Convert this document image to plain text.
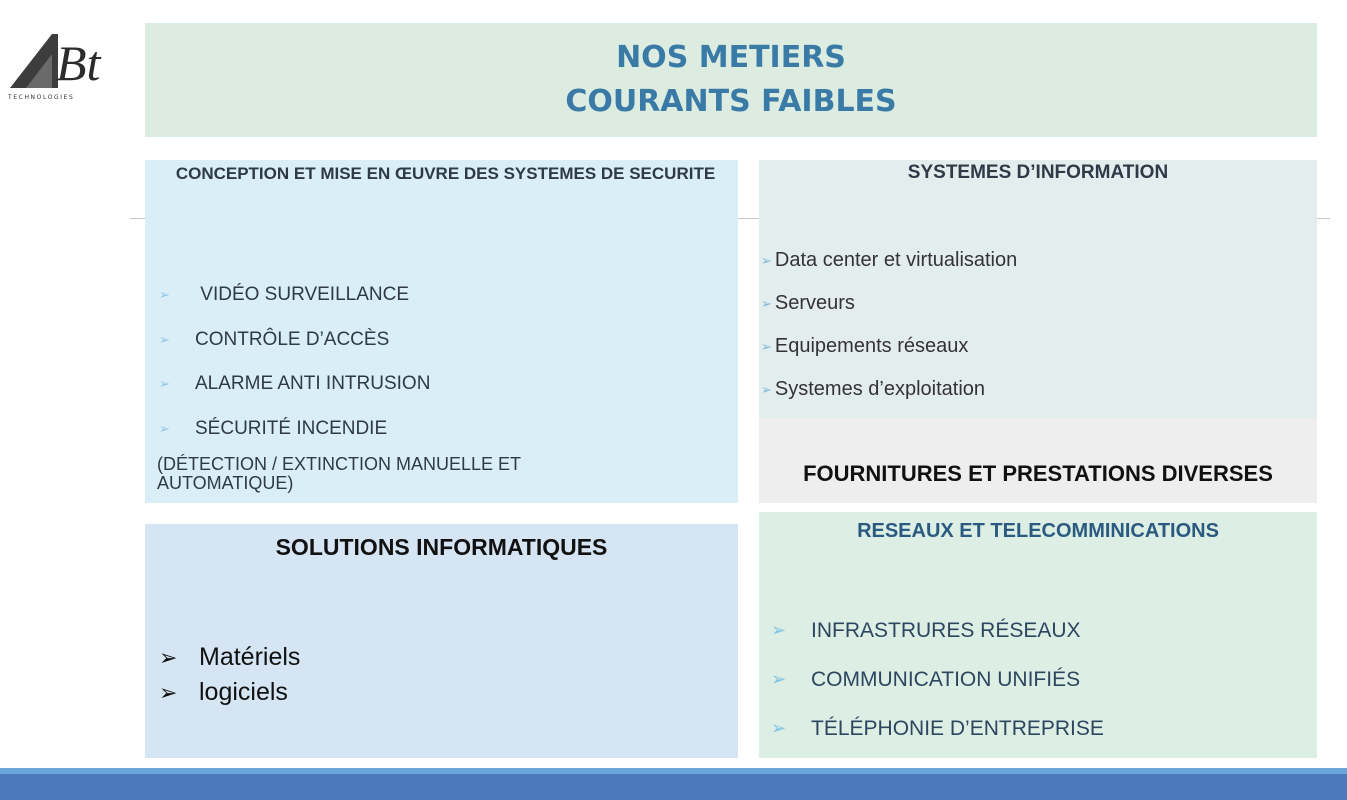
Bt
TECHNOLOGIES
NOS METIERS
COURANTS FAIBLES
CONCEPTION ET MISE EN ŒUVRE DES SYSTEMES DE SECURITE
➢	VIDÉO SURVEILLANCE
➢	CONTRÔLE D’ACCÈS
➢	ALARME ANTI INTRUSION
➢	SÉCURITÉ INCENDIE
(DÉTECTION / EXTINCTION MANUELLE ET AUTOMATIQUE)
SYSTEMES D’INFORMATION
➢ Data center et virtualisation
➢ Serveurs
➢ Equipements réseaux
➢ Systemes d’exploitation
FOURNITURES ET PRESTATIONS DIVERSES
SOLUTIONS INFORMATIQUES
➢ Matériels
➢ logiciels
RESEAUX ET TELECOMMINICATIONS
➢	INFRASTRURES RÉSEAUX
➢	COMMUNICATION UNIFIÉS
➢	TÉLÉPHONIE D’ENTREPRISE
